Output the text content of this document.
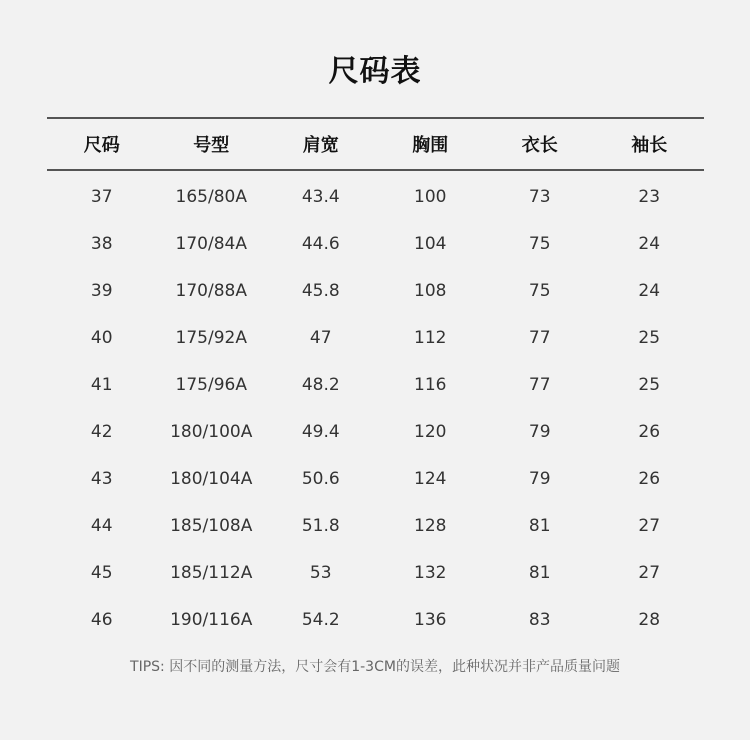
尺码表
尺码	号型	肩宽	胸围	衣长	袖长
37	165/80A	43.4	100	73	23
38	170/84A	44.6	104	75	24
39	170/88A	45.8	108	75	24
40	175/92A	47	112	77	25
41	175/96A	48.2	116	77	25
42	180/100A	49.4	120	79	26
43	180/104A	50.6	124	79	26
44	185/108A	51.8	128	81	27
45	185/112A	53	132	81	27
46	190/116A	54.2	136	83	28
TIPS: 因不同的测量方法，尺寸会有1-3CM的误差，此种状况并非产品质量问题
